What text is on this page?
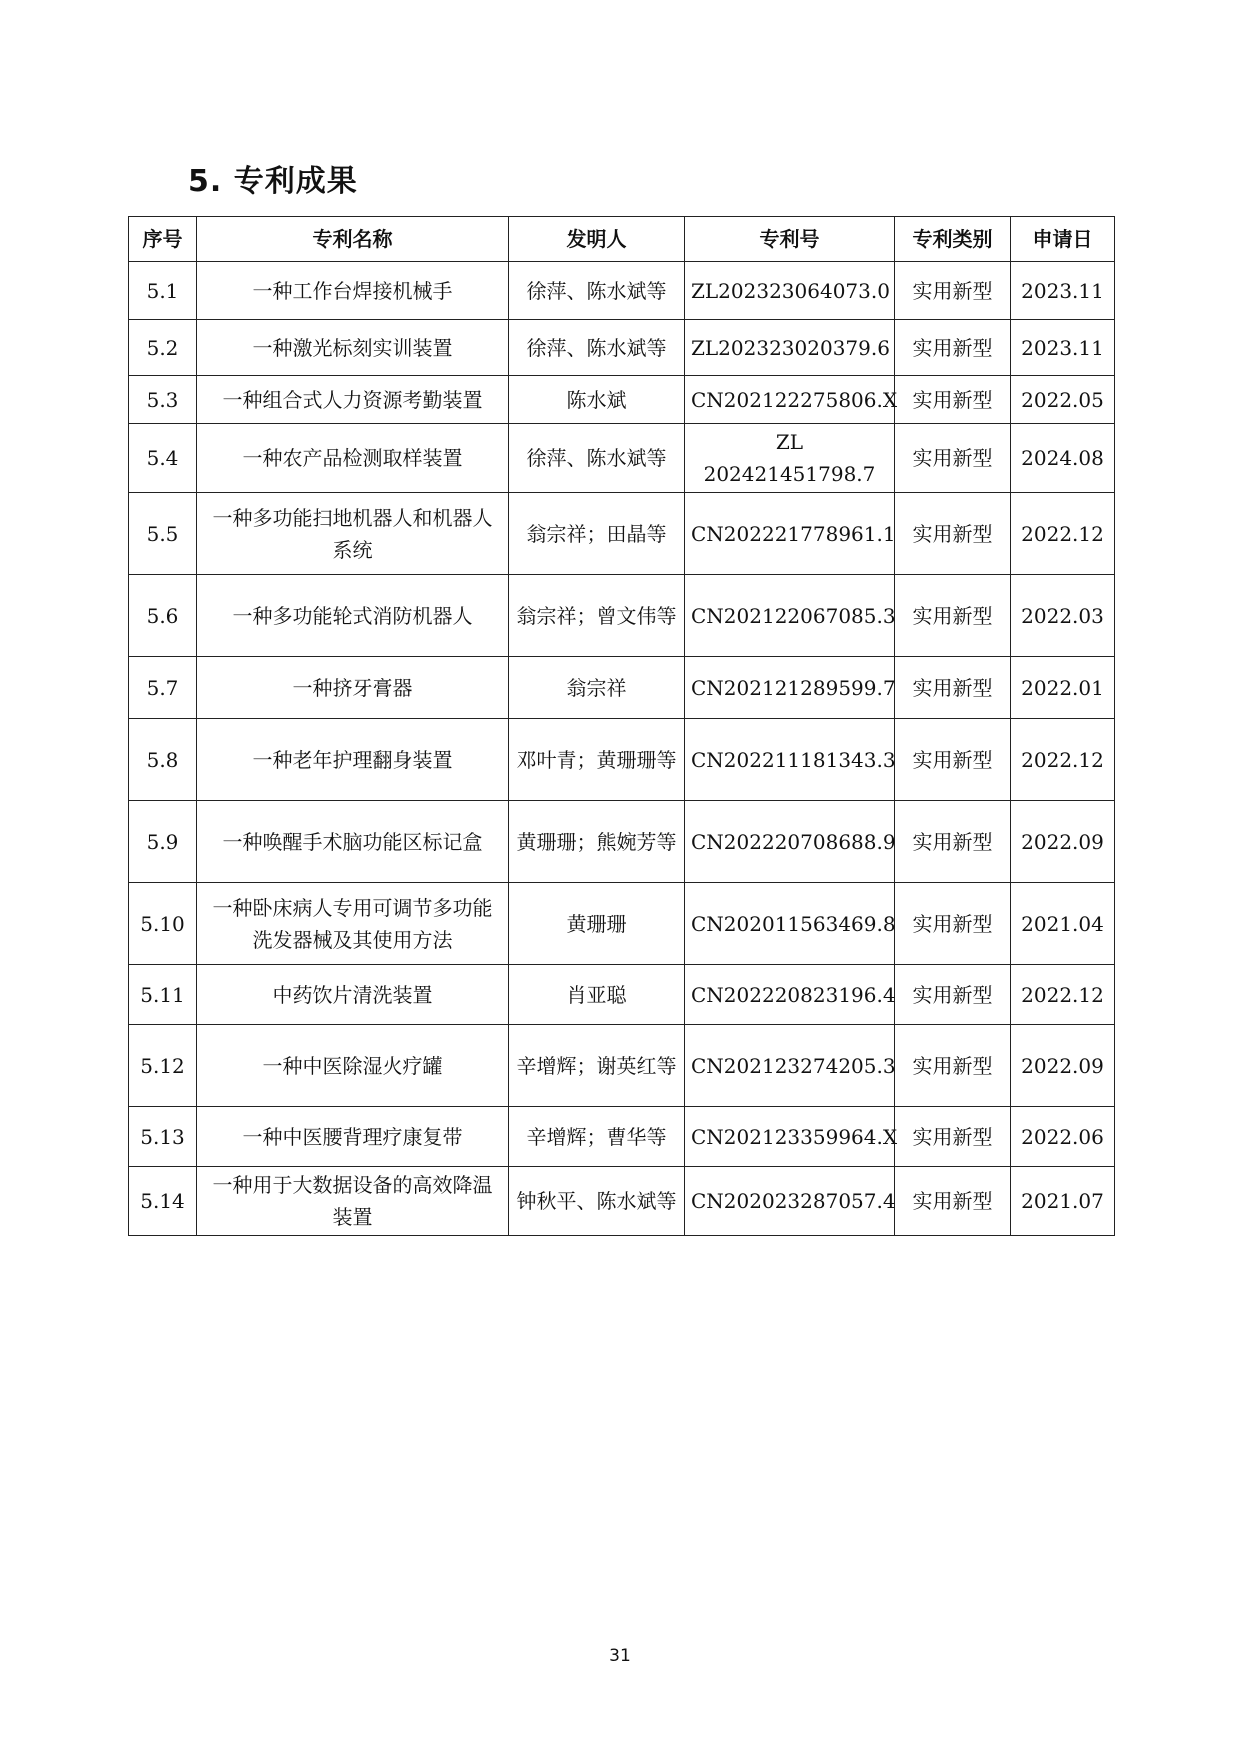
5. 专利成果
序号	专利名称	发明人	专利号	专利类别	申请日
5.1	一种工作台焊接机械手	徐萍、陈水斌等	ZL202323064073.0	实用新型	2023.11
5.2	一种激光标刻实训装置	徐萍、陈水斌等	ZL202323020379.6	实用新型	2023.11
5.3	一种组合式人力资源考勤装置	陈水斌	CN202122275806.X	实用新型	2022.05
5.4	一种农产品检测取样装置	徐萍、陈水斌等	ZL 202421451798.7	实用新型	2024.08
5.5	一种多功能扫地机器人和机器人系统	翁宗祥；田晶等	CN202221778961.1	实用新型	2022.12
5.6	一种多功能轮式消防机器人	翁宗祥；曾文伟等	CN202122067085.3	实用新型	2022.03
5.7	一种挤牙膏器	翁宗祥	CN202121289599.7	实用新型	2022.01
5.8	一种老年护理翻身装置	邓叶青；黄珊珊等	CN202211181343.3	实用新型	2022.12
5.9	一种唤醒手术脑功能区标记盒	黄珊珊；熊婉芳等	CN202220708688.9	实用新型	2022.09
5.10	一种卧床病人专用可调节多功能洗发器械及其使用方法	黄珊珊	CN202011563469.8	实用新型	2021.04
5.11	中药饮片清洗装置	肖亚聪	CN202220823196.4	实用新型	2022.12
5.12	一种中医除湿火疗罐	辛增辉；谢英红等	CN202123274205.3	实用新型	2022.09
5.13	一种中医腰背理疗康复带	辛增辉；曹华等	CN202123359964.X	实用新型	2022.06
5.14	一种用于大数据设备的高效降温装置	钟秋平、陈水斌等	CN202023287057.4	实用新型	2021.07
31
